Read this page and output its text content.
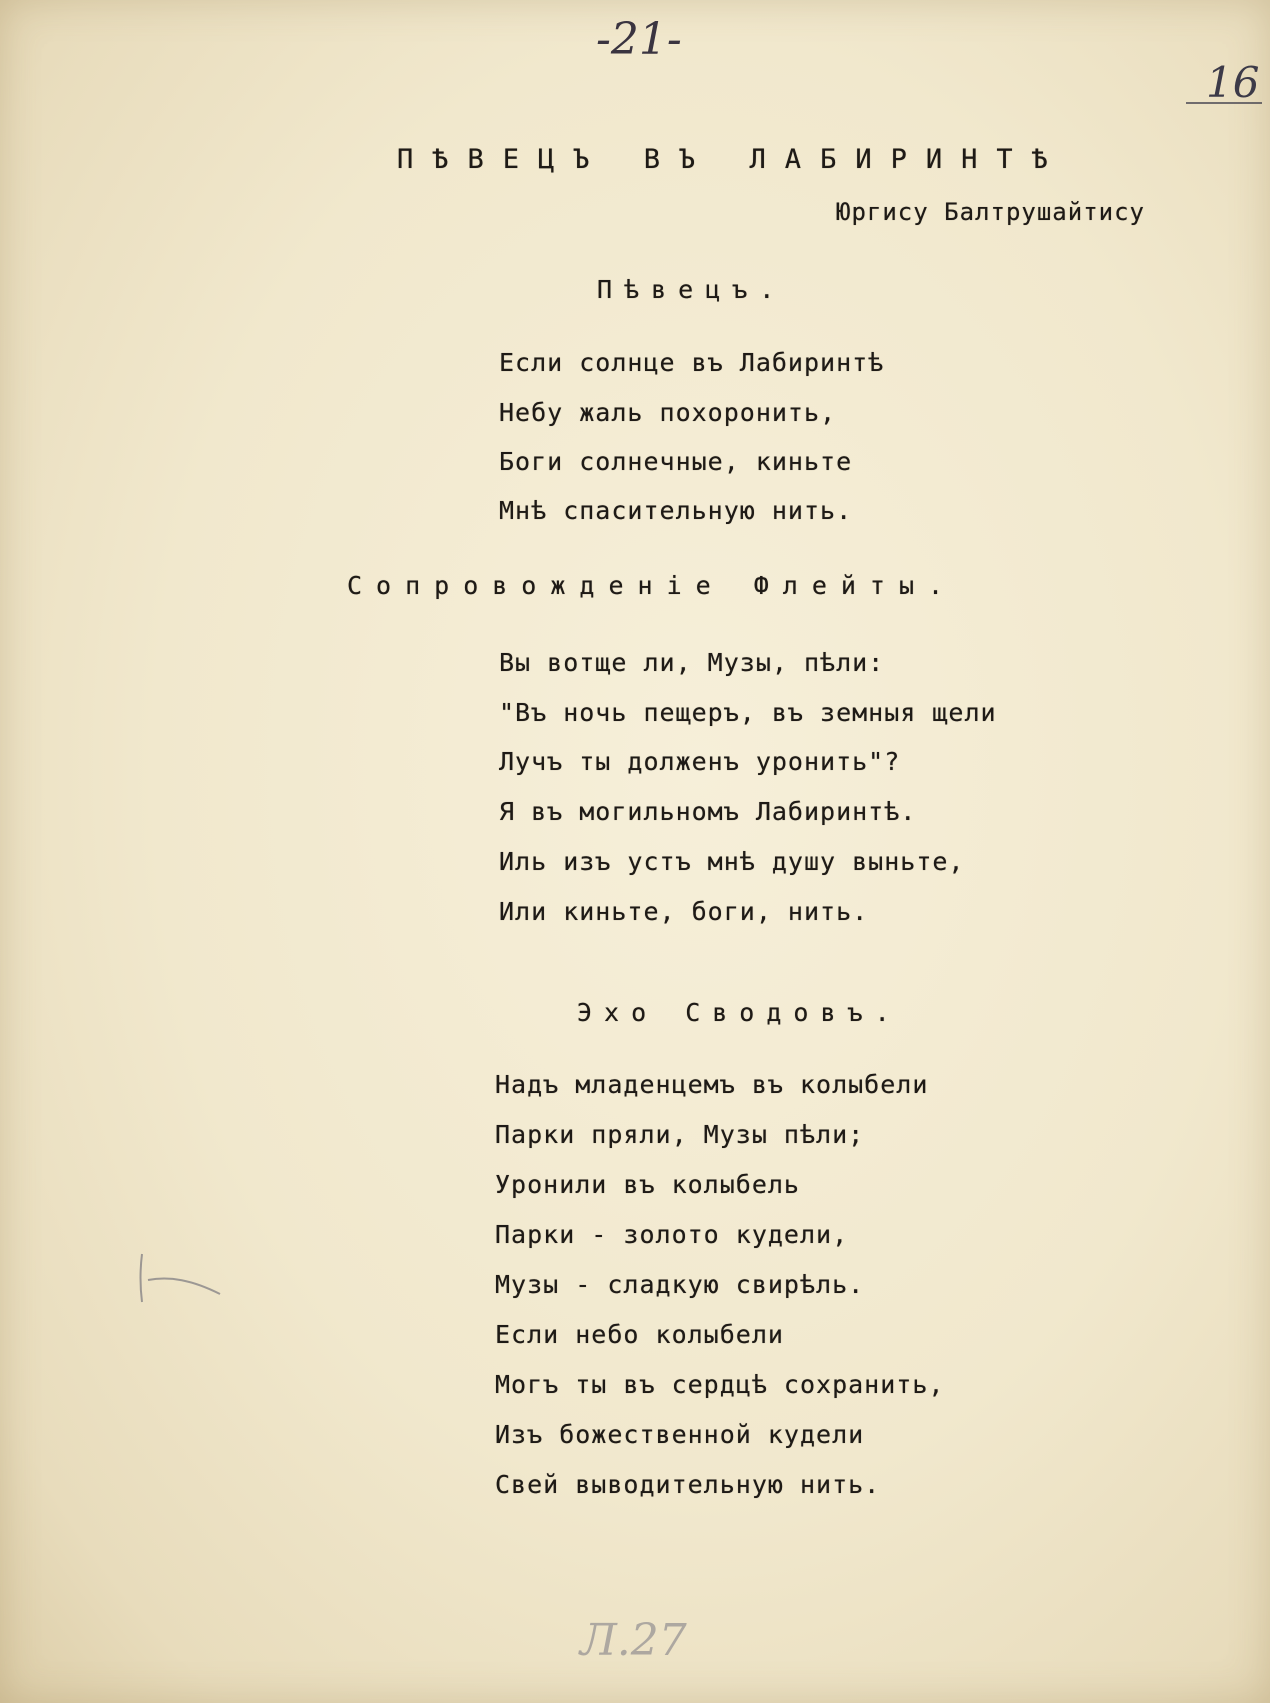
-21-
16
ПѢВЕЦЪ ВЪ ЛАБИРИНТѢ
Юргису Балтрушайтису
Пѣвецъ.
Если солнце въ Лабиринтѣ
Небу жаль похоронить,
Боги солнечные, киньте
Мнѣ спасительную нить.
Сопровожденіе Флейты.
Вы вотще ли, Музы, пѣли:
"Въ ночь пещеръ, въ земныя щели
Лучъ ты долженъ уронить"?
Я въ могильномъ Лабиринтѣ.
Иль изъ устъ мнѣ душу выньте,
Или киньте, боги, нить.
Эхо Сводовъ.
Надъ младенцемъ въ колыбели
Парки пряли, Музы пѣли;
Уронили въ колыбель
Парки - золото кудели,
Музы - сладкую свирѣль.
Если небо колыбели
Могъ ты въ сердцѣ сохранить,
Изъ божественной кудели
Свей выводительную нить.
Л.27
